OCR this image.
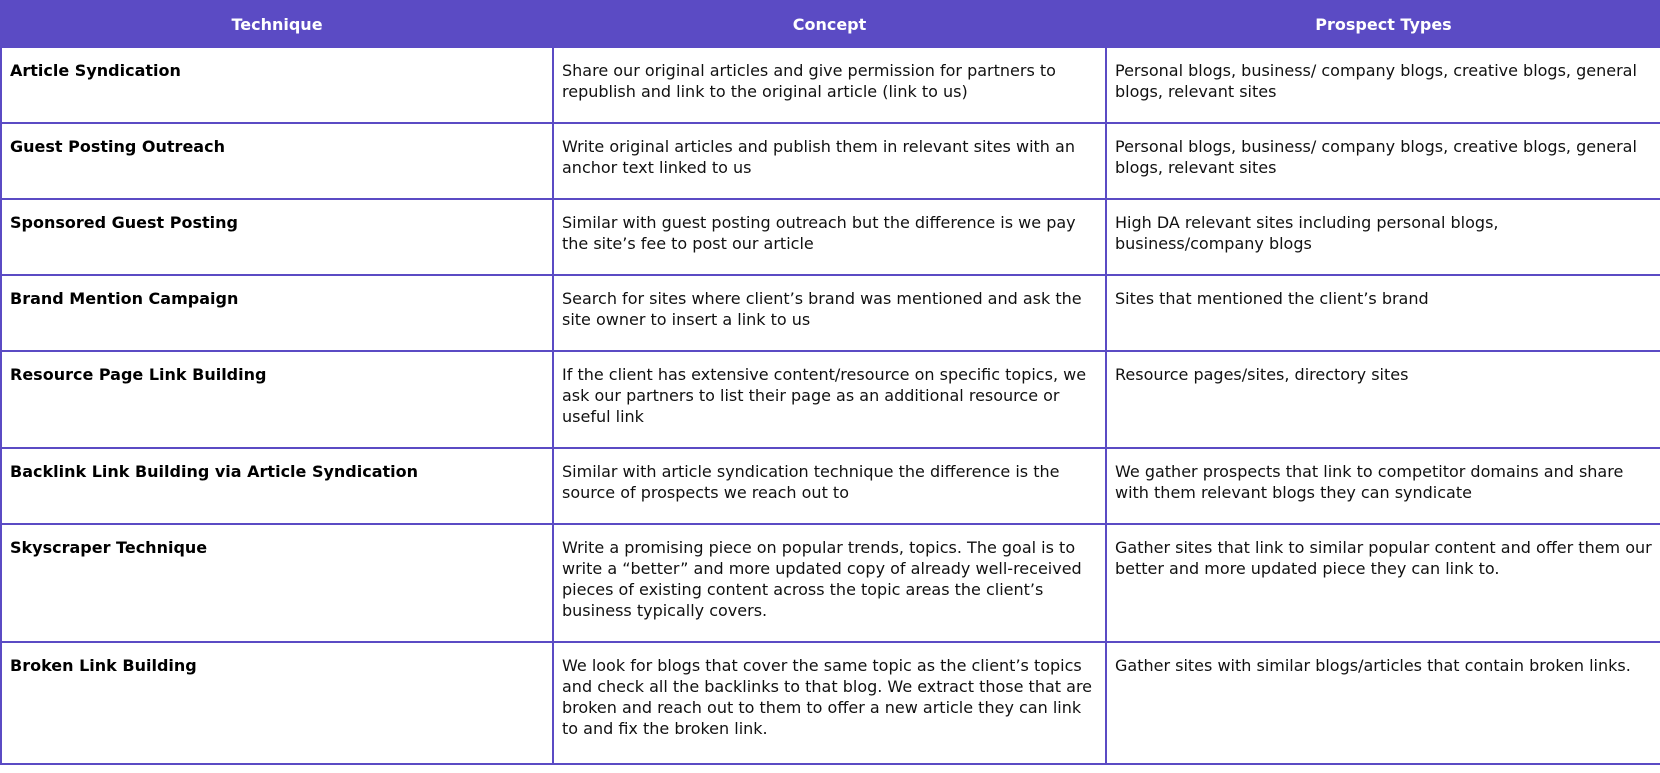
Technique	Concept	Prospect Types
Article Syndication	Share our original articles and give permission for partners to republish and link to the original article (link to us)	Personal blogs, business/ company blogs, creative blogs, general blogs, relevant sites
Guest Posting Outreach	Write original articles and publish them in relevant sites with an anchor text linked to us	Personal blogs, business/ company blogs, creative blogs, general blogs, relevant sites
Sponsored Guest Posting	Similar with guest posting outreach but the difference is we pay the site’s fee to post our article	High DA relevant sites including personal blogs, business/company blogs
Brand Mention Campaign	Search for sites where client’s brand was mentioned and ask the site owner to insert a link to us	Sites that mentioned the client’s brand
Resource Page Link Building	If the client has extensive content/resource on specific topics, we ask our partners to list their page as an additional resource or useful link	Resource pages/sites, directory sites
Backlink Link Building via Article Syndication	Similar with article syndication technique the difference is the source of prospects we reach out to	We gather prospects that link to competitor domains and share with them relevant blogs they can syndicate
Skyscraper Technique	Write a promising piece on popular trends, topics. The goal is to write a “better” and more updated copy of already well-received pieces of existing content across the topic areas the client’s business typically covers.	Gather sites that link to similar popular content and offer them our better and more updated piece they can link to.
Broken Link Building	We look for blogs that cover the same topic as the client’s topics and check all the backlinks to that blog. We extract those that are broken and reach out to them to offer a new article they can link to and fix the broken link.	Gather sites with similar blogs/articles that contain broken links.
